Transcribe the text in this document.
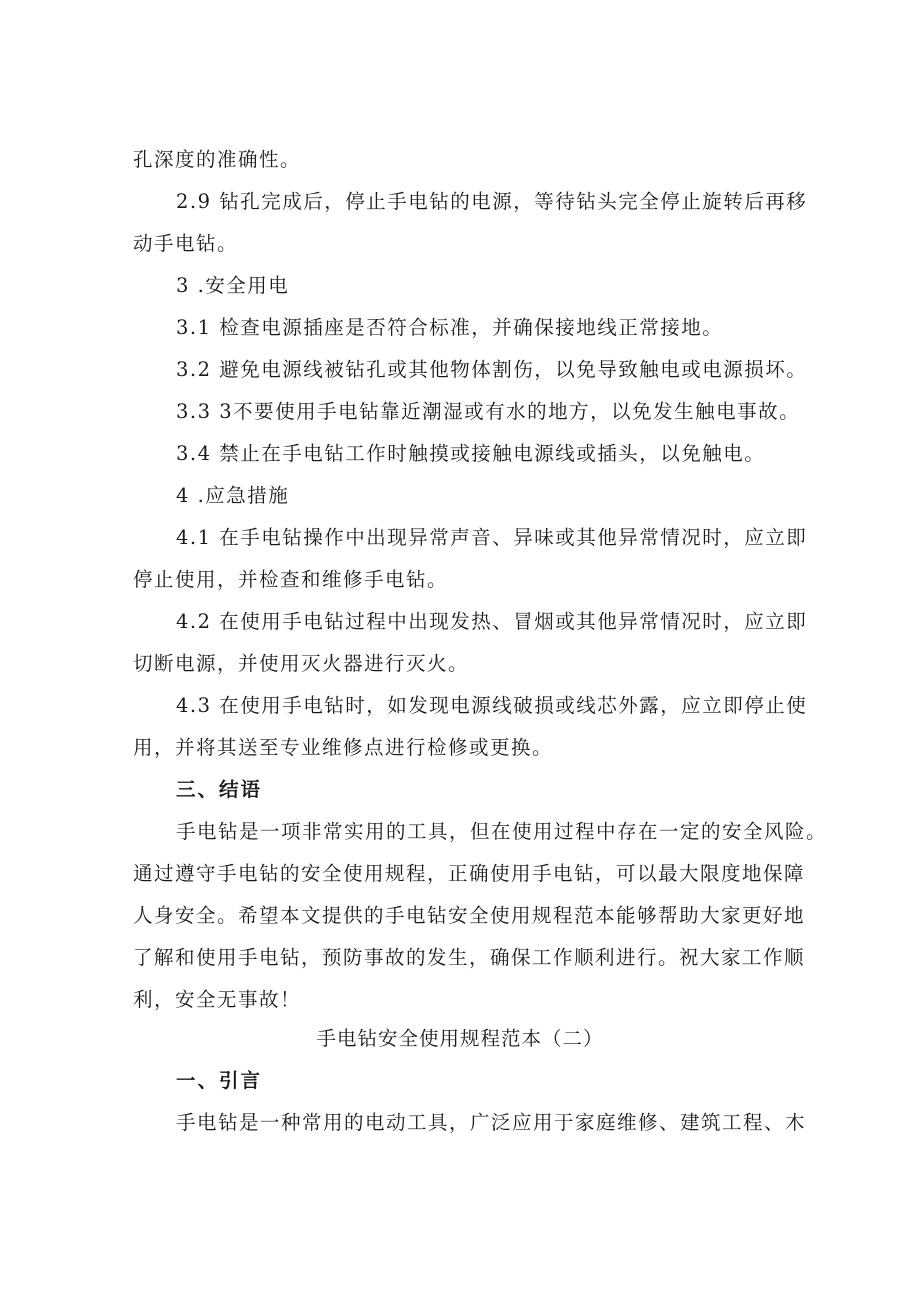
孔深度的准确性。
2.9 钻孔完成后，停止手电钻的电源，等待钻头完全停止旋转后再移
动手电钻。
3 .安全用电
3.1 检查电源插座是否符合标准，并确保接地线正常接地。
3.2 避免电源线被钻孔或其他物体割伤，以免导致触电或电源损坏。
3.3 3不要使用手电钻靠近潮湿或有水的地方，以免发生触电事故。
3.4 禁止在手电钻工作时触摸或接触电源线或插头，以免触电。
4 .应急措施
4.1 在手电钻操作中出现异常声音、异味或其他异常情况时，应立即
停止使用，并检查和维修手电钻。
4.2 在使用手电钻过程中出现发热、冒烟或其他异常情况时，应立即
切断电源，并使用灭火器进行灭火。
4.3 在使用手电钻时，如发现电源线破损或线芯外露，应立即停止使
用，并将其送至专业维修点进行检修或更换。
三、结语
手电钻是一项非常实用的工具，但在使用过程中存在一定的安全风险。
通过遵守手电钻的安全使用规程，正确使用手电钻，可以最大限度地保障
人身安全。希望本文提供的手电钻安全使用规程范本能够帮助大家更好地
了解和使用手电钻，预防事故的发生，确保工作顺利进行。祝大家工作顺
利，安全无事故！
手电钻安全使用规程范本（二）
一、引言
手电钻是一种常用的电动工具，广泛应用于家庭维修、建筑工程、木
